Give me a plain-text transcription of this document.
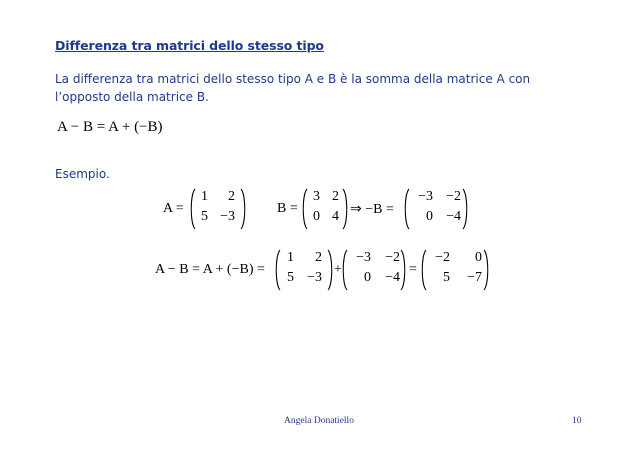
Differenza tra matrici dello stesso tipo
La differenza tra matrici dello stesso tipo A e B è la somma della matrice A con l’opposto della matrice B.
A − B = A + (−B)
Esempio.
A =
1	2
5 −3
B =
3 2
0 4 ⇒ −B =
−3 −2
0 −4
A − B = A + (−B) =
1	2
5 −3
+
−3	−2
0	−4
=
−2	0
5	−7
Angela Donatiello	10
